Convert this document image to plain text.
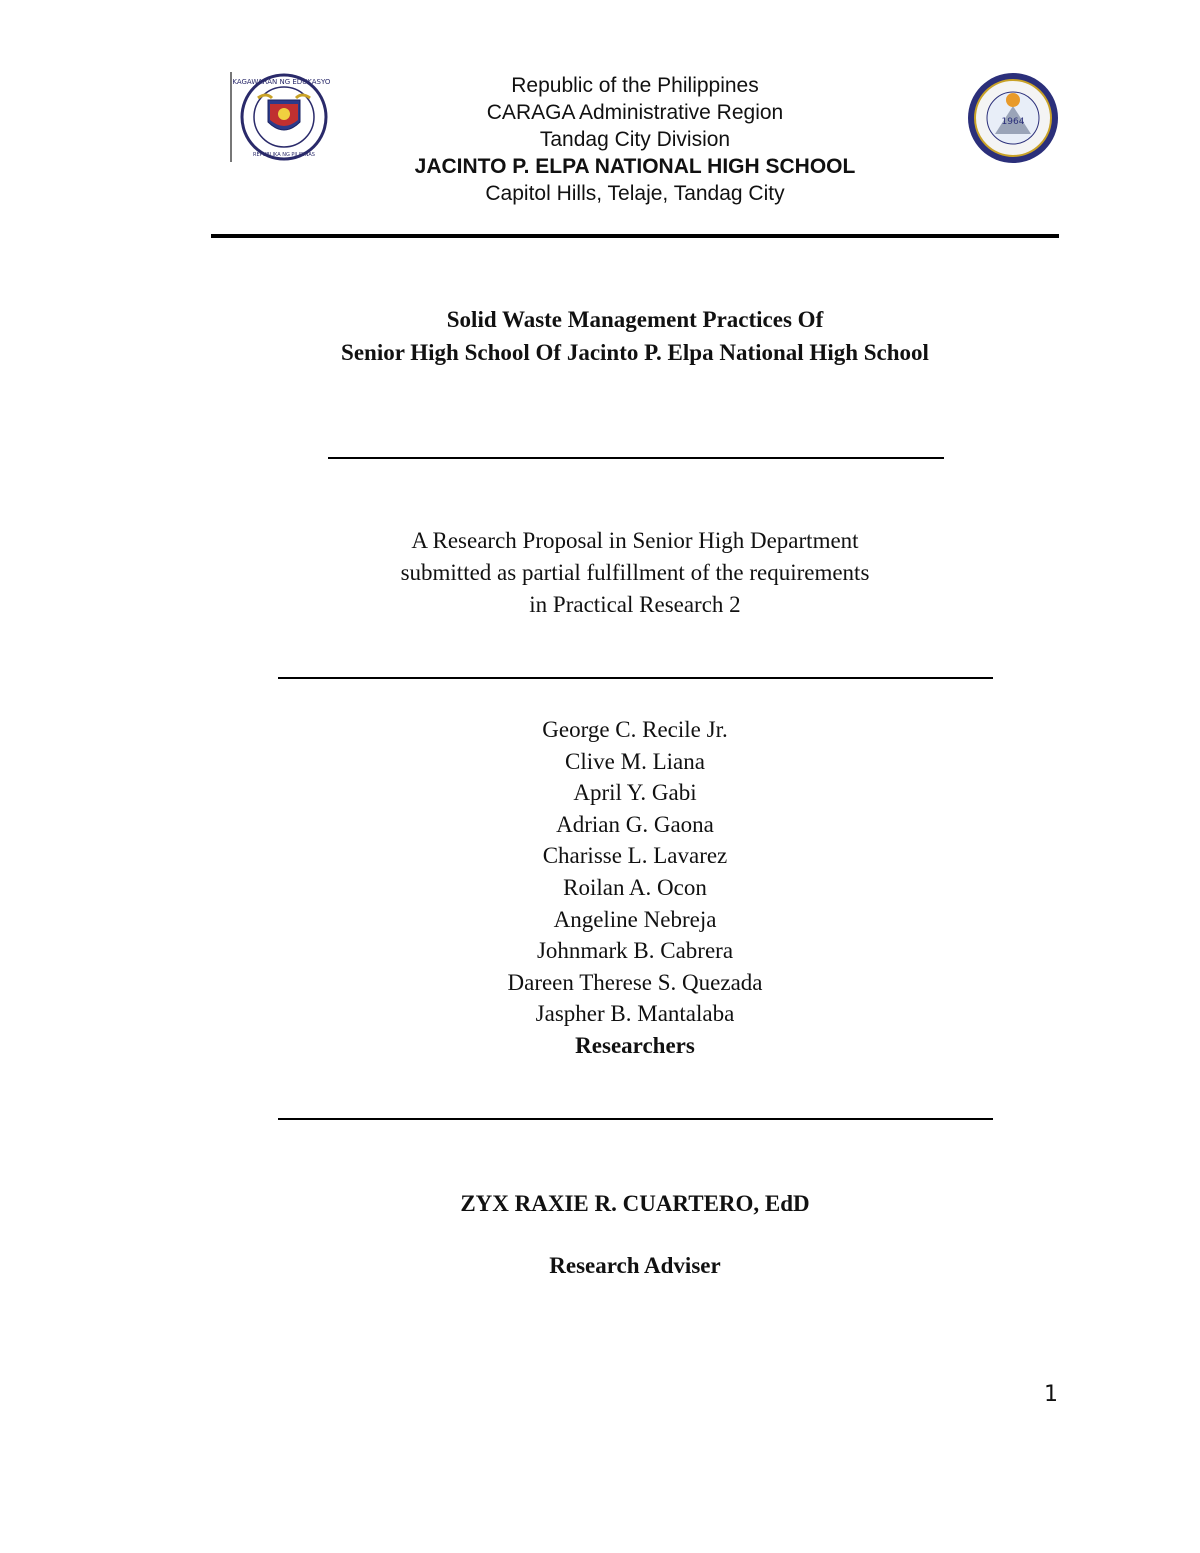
KAGAWARAN NG EDUKASYON
REPUBLIKA NG PILIPINAS
1964
Republic of the Philippines
CARAGA Administrative Region
Tandag City Division
JACINTO P. ELPA NATIONAL HIGH SCHOOL
Capitol Hills, Telaje, Tandag City
Solid Waste Management Practices Of
Senior High School Of Jacinto P. Elpa National High School
A Research Proposal in Senior High Department
submitted as partial fulfillment of the requirements
in Practical Research 2
George C. Recile Jr.
Clive M. Liana
April Y. Gabi
Adrian G. Gaona
Charisse L. Lavarez
Roilan A. Ocon
Angeline Nebreja
Johnmark B. Cabrera
Dareen Therese S. Quezada
Jaspher B. Mantalaba
Researchers
ZYX RAXIE R. CUARTERO, EdD
Research Adviser
1
